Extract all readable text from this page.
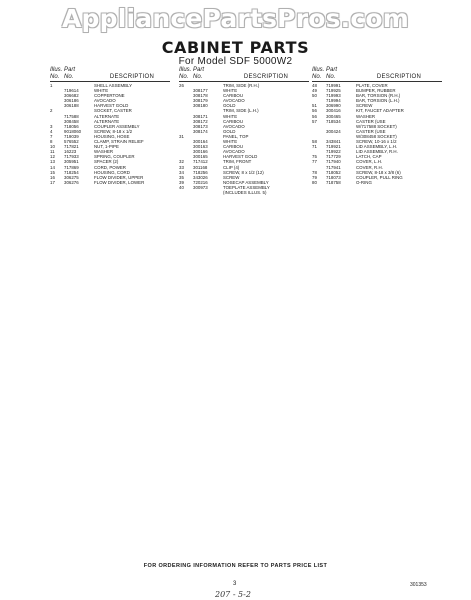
AppliancePartsPros.com
CABINET PARTS
For Model SDF 5000W2
Illus. Part
No. No.	DESCRIPTION
1	SHELL ASSEMBLY
719614	WHITE
306682	COPPERTONE
306186	AVOCADO
306188	HARVEST GOLD
2	SOCKET, CASTER
717588	ALTERNATE
308458	ALTERNATE
3	718056	COUPLER ASSEMBLY
4	9018060	SCREW, 8-18 x 1/2
7	719039	HOUSING, HOSE
8	576552	CLAMP, STRAIN RELIEF
10	717821	NUT, 1-PIPE
11	16223	WASHER
12	717933	SPRING, COUPLER
13	305951	SPACER (2)
14	717869	CORD, POWER
15	718254	HOUSING, CORD
16	306275	FLOW DIVIDER, UPPER
17	306276	FLOW DIVIDER, LOWER
Illus. Part
No. No.	DESCRIPTION
26	TRIM, SIDE (R.H.)
308177	WHITE
308178	CARIBOU
308179	AVOCADO
308180	GOLD
TRIM, SIDE (L.H.)
308171	WHITE
308172	CARIBOU
308173	AVOCADO
308174	GOLD
31	PANEL, TOP
300164	WHITE
300163	CARIBOU
300166	AVOCADO
300165	HARVEST GOLD
32	717412	TRIM, FRONT
33	301168	CLIP (4)
34	718256	SCREW, 8 x 1/2 (12)
35	343026	SCREW
39	720216	NOSECAP ASSEMBLY
40	300973	TOEPLATE ASSEMBLY
(INCLUDES ILLUS. 5)
Illus. Part
No. No.	DESCRIPTION
48	719991	PLATE, COVER
49	719925	BUMPER, RUBBER
50	719993	BAR, TORSION (R.H.)
719994	BAR, TORSION (L.H.)
51	306990	SCREW
56	300416	KIT, FAUCET ADAPTER
56	300465	WASHER
57	718534	CASTER (USE
W/717588 SOCKET)
300424	CASTER (USE
W/308458 SOCKET)
58	343841	SCREW, 10-16 x 1/2
71	719921	LID ASSEMBLY, L.H.
719922	LID ASSEMBLY, R.H.
75	717729	LATCH, CAP
77	717940	COVER, L.H.
717941	COVER, R.H.
78	718052	SCREW, 8-18 x 3/8 (6)
79	718073	COUPLER, PULL RING
80	718758	O-RING
FOR ORDERING INFORMATION REFER TO PARTS PRICE LIST
3	301353
207 - 5-2
